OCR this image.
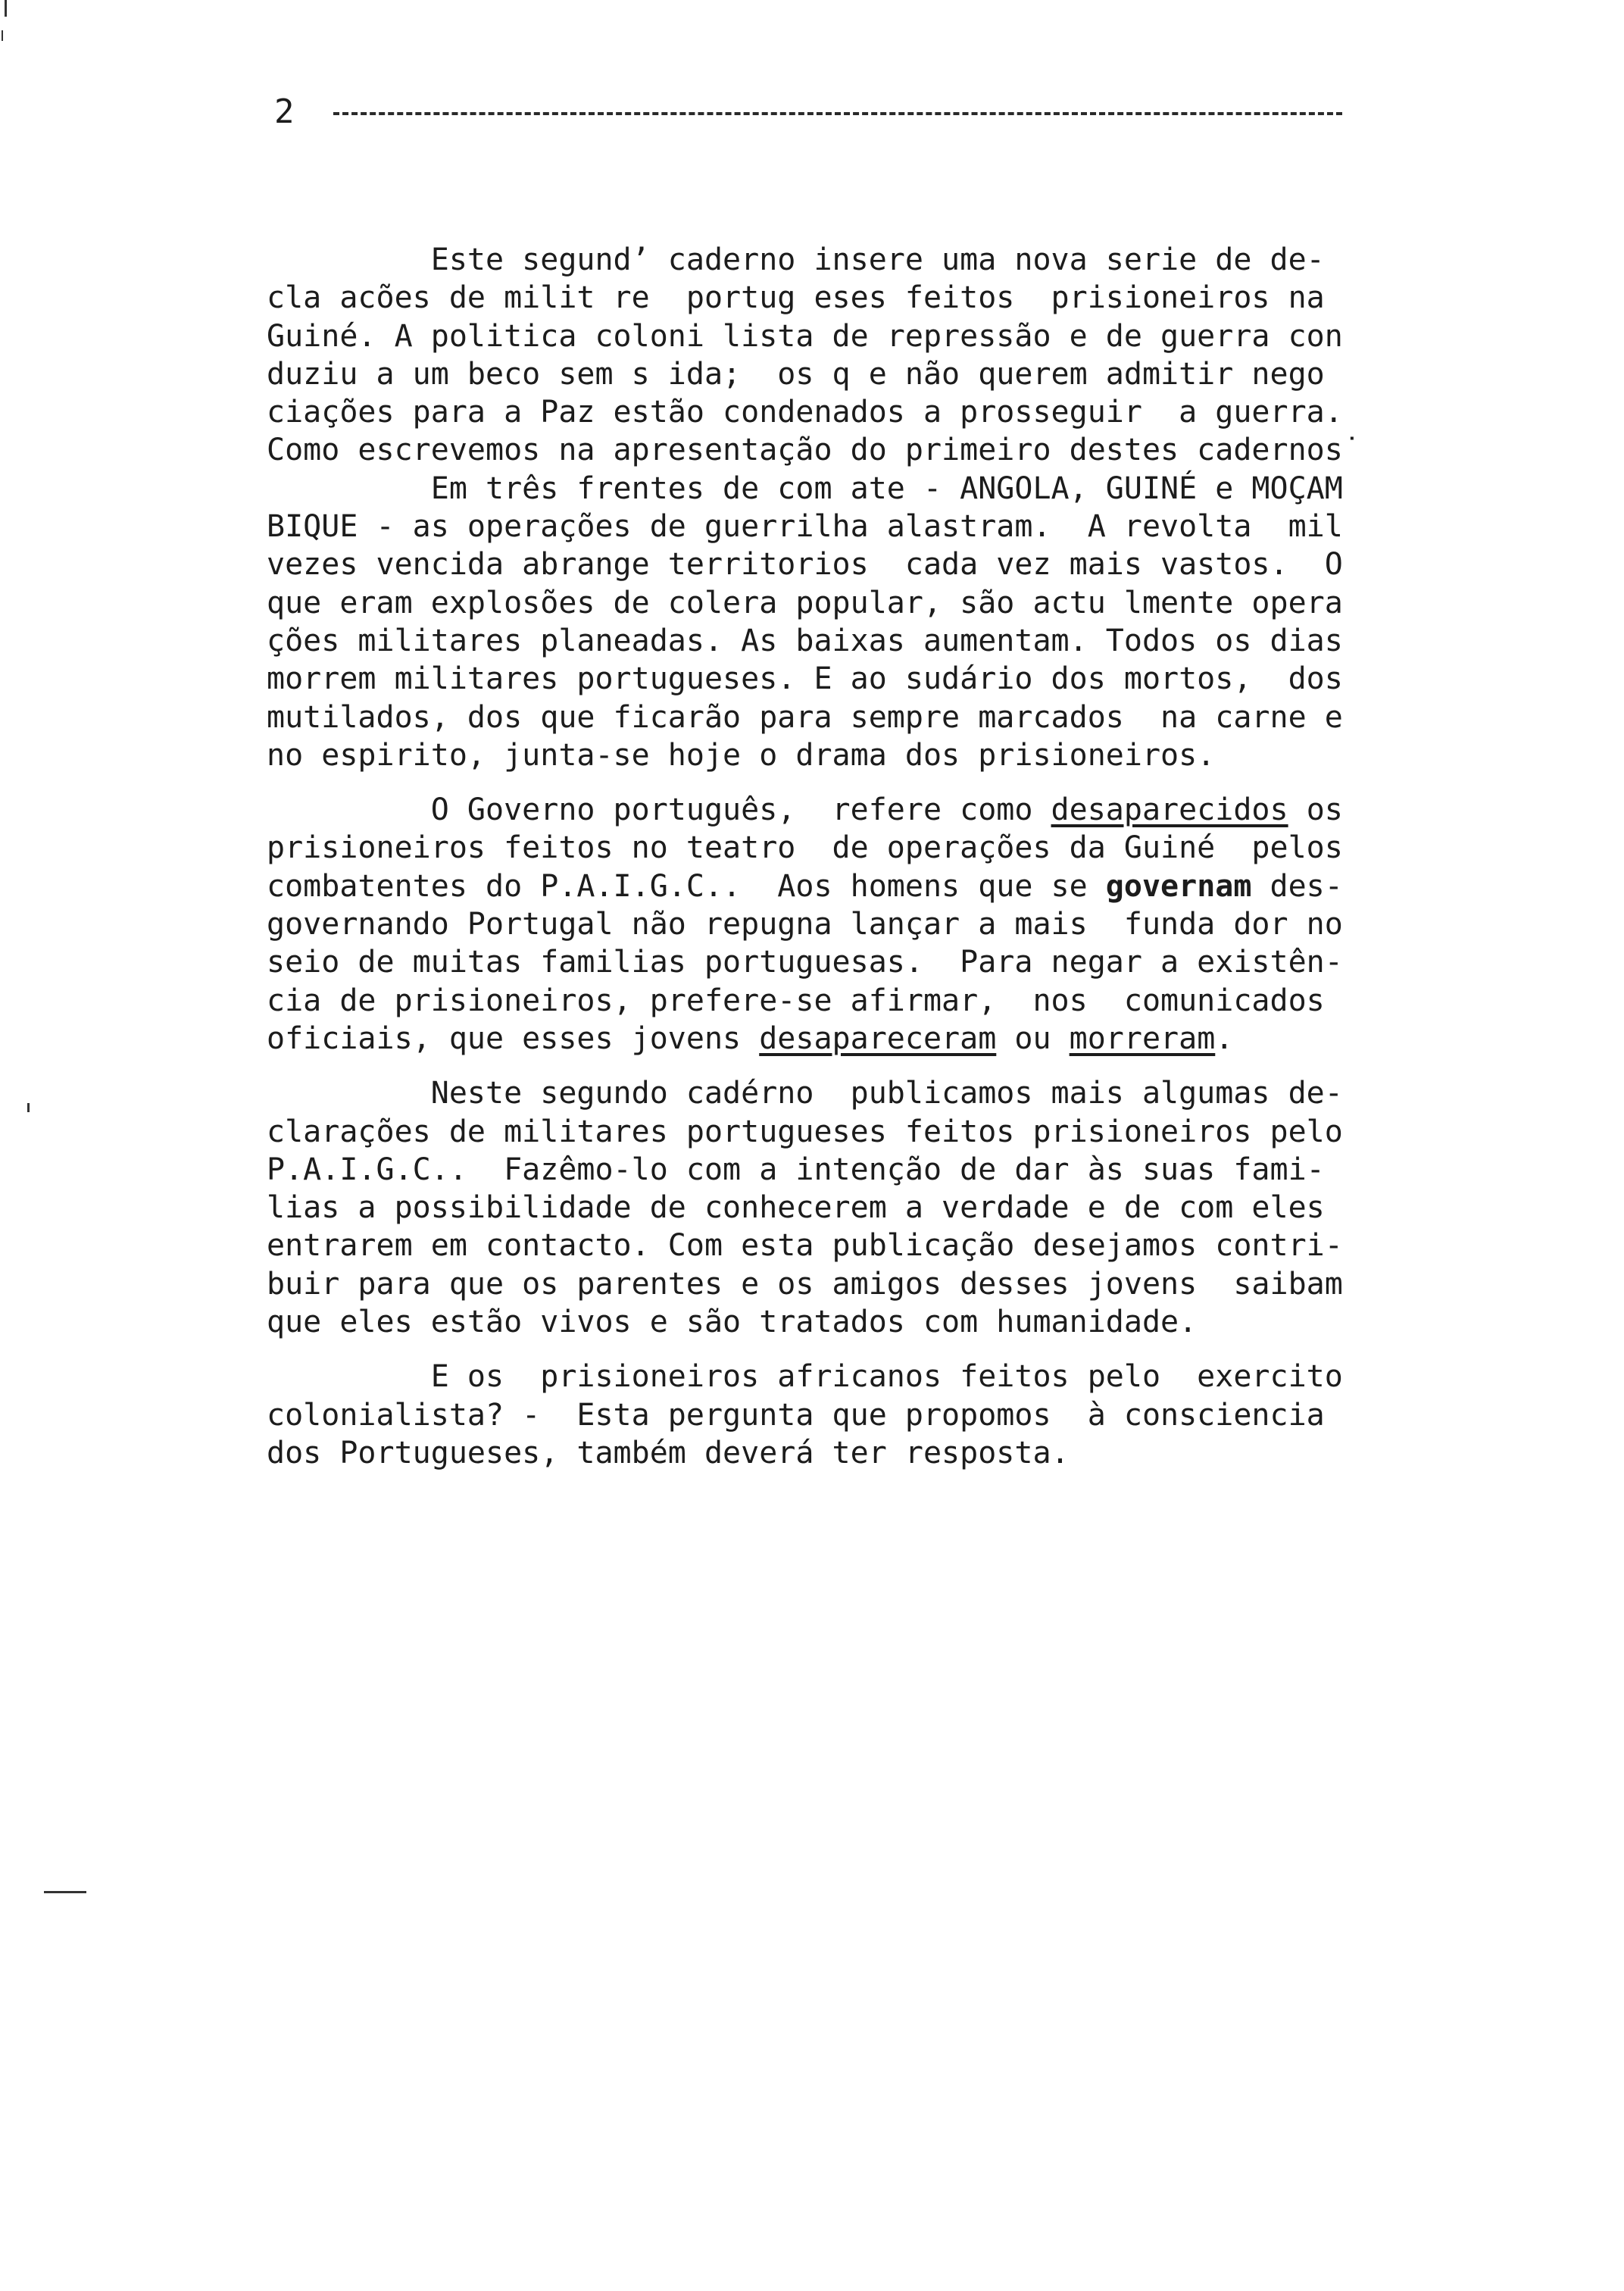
2
Este segundʼ caderno insere uma nova serie de de-
cla acões de milit re  portug eses feitos  prisioneiros na
Guiné. A politica coloni lista de repressão e de guerra con
duziu a um beco sem s ida;  os q e não querem admitir nego
ciações para a Paz estão condenados a prosseguir  a guerra.
Como escrevemos na apresentação do primeiro destes cadernos˙
Em três frentes de com ate - ANGOLA, GUINÉ e MOÇAM
BIQUE - as operações de guerrilha alastram.  A revolta  mil
vezes vencida abrange territorios  cada vez mais vastos.  O
que eram explosões de colera popular, são actu lmente opera
ções militares planeadas. As baixas aumentam. Todos os dias
morrem militares portugueses. E ao sudário dos mortos,  dos
mutilados, dos que ficarão para sempre marcados  na carne e
no espirito, junta-se hoje o drama dos prisioneiros.
O Governo português,  refere como desaparecidos os
prisioneiros feitos no teatro  de operações da Guiné  pelos
combatentes do P.A.I.G.C..  Aos homens que se governam des-
governando Portugal não repugna lançar a mais  funda dor no
seio de muitas familias portuguesas.  Para negar a existên-
cia de prisioneiros, prefere-se afirmar,  nos  comunicados
oficiais, que esses jovens desapareceram ou morreram.
Neste segundo cadérno  publicamos mais algumas de-
clarações de militares portugueses feitos prisioneiros pelo
P.A.I.G.C..  Fazêmo-lo com a intenção de dar às suas fami-
lias a possibilidade de conhecerem a verdade e de com eles
entrarem em contacto. Com esta publicação desejamos contri-
buir para que os parentes e os amigos desses jovens  saibam
que eles estão vivos e são tratados com humanidade.
E os  prisioneiros africanos feitos pelo  exercito
colonialista? -  Esta pergunta que propomos  à consciencia
dos Portugueses, também deverá ter resposta.
